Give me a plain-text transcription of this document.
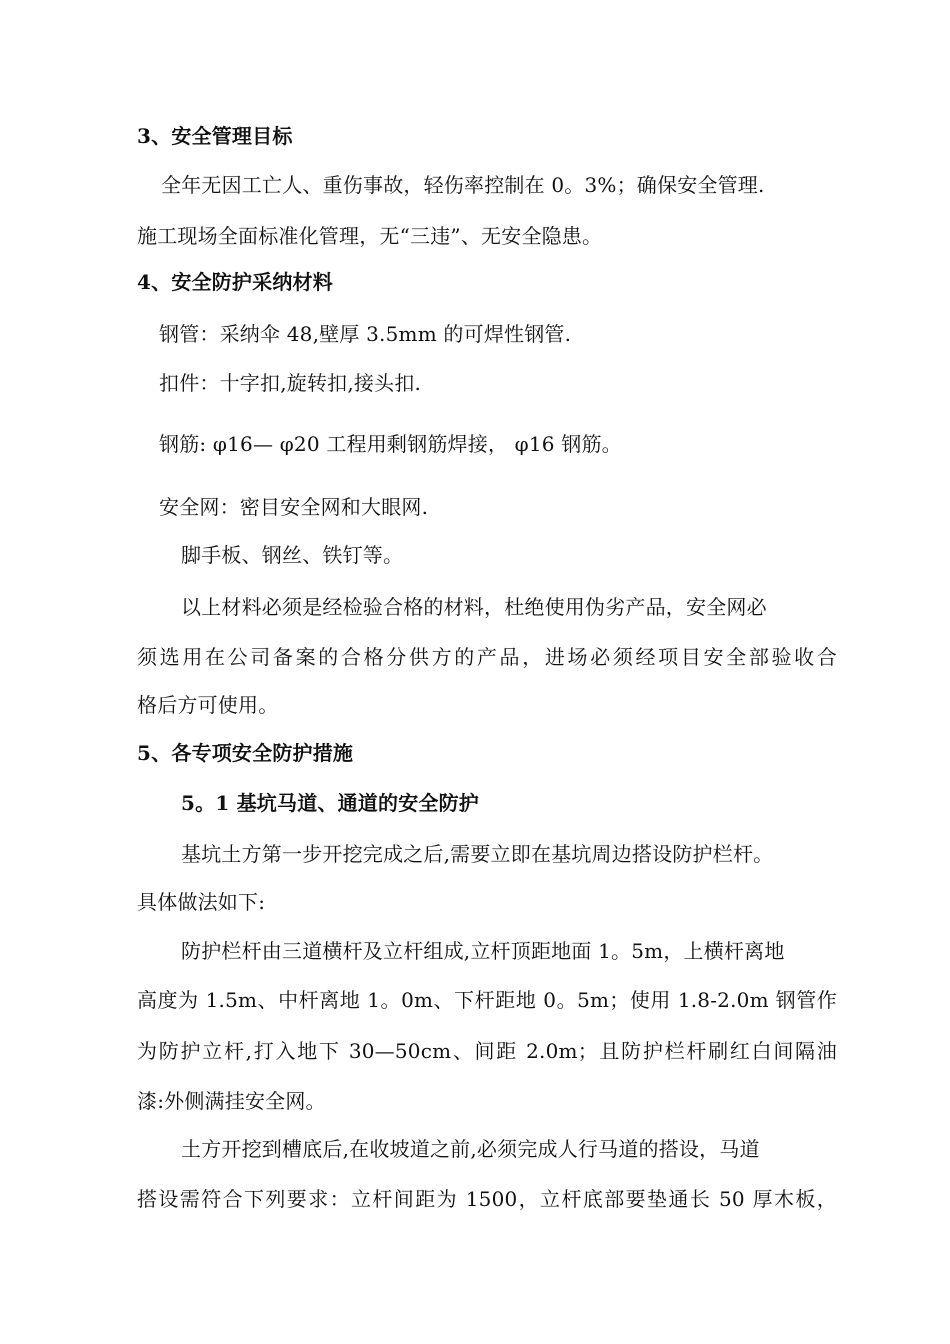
3、安全管理目标
全年无因工亡人、重伤事故，轻伤率控制在 0。3%；确保安全管理.
施工现场全面标准化管理，无“三违”、无安全隐患。
4、安全防护采纳材料
钢管：采纳伞 48,壁厚 3.5mm 的可焊性钢管.
扣件：十字扣,旋转扣,接头扣.
钢筋: φ16— φ20 工程用剩钢筋焊接， φ16 钢筋。
安全网：密目安全网和大眼网.
脚手板、钢丝、铁钉等。
以上材料必须是经检验合格的材料，杜绝使用伪劣产品，安全网必
须选用在公司备案的合格分供方的产品，进场必须经项目安全部验收合
格后方可使用。
5、各专项安全防护措施
5。1 基坑马道、通道的安全防护
基坑土方第一步开挖完成之后,需要立即在基坑周边搭设防护栏杆。
具体做法如下:
防护栏杆由三道横杆及立杆组成,立杆顶距地面 1。5m，上横杆离地
高度为 1.5m、中杆离地 1。0m、下杆距地 0。5m；使用 1.8-2.0m 钢管作
为防护立杆,打入地下 30—50cm、间距 2.0m；且防护栏杆刷红白间隔油
漆:外侧满挂安全网。
土方开挖到槽底后,在收坡道之前,必须完成人行马道的搭设，马道
搭设需符合下列要求：立杆间距为 1500，立杆底部要垫通长 50 厚木板，
